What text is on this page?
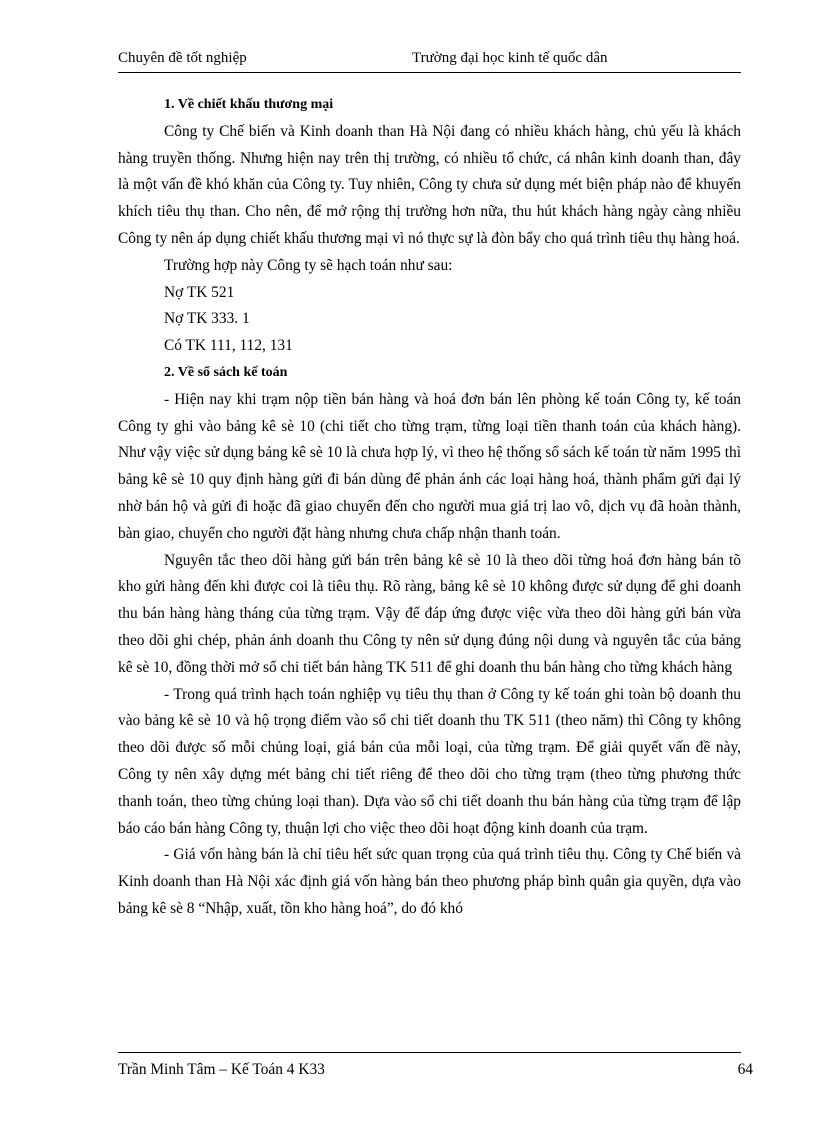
Chuyên đề tốt nghiệp	Trường đại học kinh tế quốc dân

1. Về chiết khấu thương mại

Công ty Chế biến và Kinh doanh than Hà Nội đang có nhiều khách hàng, chủ yếu là khách hàng truyền thống. Nhưng hiện nay trên thị trường, có nhiều tổ chức, cá nhân kinh doanh than, đây là một vấn đề khó khăn của Công ty. Tuy nhiên, Công ty chưa sử dụng mét biện pháp nào để khuyến khích tiêu thụ than. Cho nên, để mở rộng thị trường hơn nữa, thu hút khách hàng ngày càng nhiều Công ty nên áp dụng chiết khấu thương mại vì nó thực sự là đòn bẩy cho quá trình tiêu thụ hàng hoá.

Trường hợp này Công ty sẽ hạch toán như sau:

Nợ TK 521

Nợ TK 333. 1

Có TK 111, 112, 131

2. Về sổ sách kế toán

- Hiện nay khi trạm nộp tiền bán hàng và hoá đơn bán lên phòng kế toán Công ty, kế toán Công ty ghi vào bảng kê sè 10 (chi tiết cho từng trạm, từng loại tiền thanh toán của khách hàng). Như vậy việc sử dụng bảng kê sè 10 là chưa hợp lý, vì theo hệ thống sổ sách kế toán từ năm 1995 thì bảng kê sè 10 quy định hàng gửi đi bán dùng để phản ánh các loại hàng hoá, thành phẩm gửi đại lý nhờ bán hộ và gửi đi hoặc đã giao chuyển đến cho người mua giá trị lao vô, dịch vụ đã hoàn thành, bàn giao, chuyển cho người đặt hàng nhưng chưa chấp nhận thanh toán.

Nguyên tắc theo dõi hàng gửi bán trên bảng kê sè 10 là theo dõi từng hoá đơn hàng bán tõ kho gửi hàng đến khi được coi là tiêu thụ. Rõ ràng, bảng kê sè 10 không được sử dụng để ghi doanh thu bán hàng hàng tháng của từng trạm. Vậy để đáp ứng được việc vừa theo dõi hàng gửi bán vừa theo dõi ghi chép, phản ánh doanh thu Công ty nên sử dụng đúng nội dung và nguyên tắc của bảng kê sè 10, đồng thời mở sổ chi tiết bán hàng TK 511 để ghi doanh thu bán hàng cho từng khách hàng

- Trong quá trình hạch toán nghiệp vụ tiêu thụ than ở Công ty kế toán ghi toàn bộ doanh thu vào bảng kê sè 10 và hộ trọng điểm vào sổ chi tiết doanh thu TK 511 (theo năm) thì Công ty không theo dõi được số mỗi chủng loại, giá bán của mỗi loại, của từng trạm. Để giải quyết vấn đề này, Công ty nên xây dựng mét bảng chi tiết riêng để theo dõi cho từng trạm (theo từng phương thức thanh toán, theo từng chủng loại than). Dựa vào sổ chi tiết doanh thu bán hàng của từng trạm để lập báo cáo bán hàng Công ty, thuận lợi cho việc theo dõi hoạt động kinh doanh của trạm.

- Giá vốn hàng bán là chỉ tiêu hết sức quan trọng của quá trình tiêu thụ. Công ty Chế biến và Kinh doanh than Hà Nội xác định giá vốn hàng bán theo phương pháp bình quân gia quyền, dựa vào bảng kê sè 8 “Nhập, xuất, tồn kho hàng hoá”, do đó khó

Trần Minh Tâm – Kế Toán 4 K33	64
